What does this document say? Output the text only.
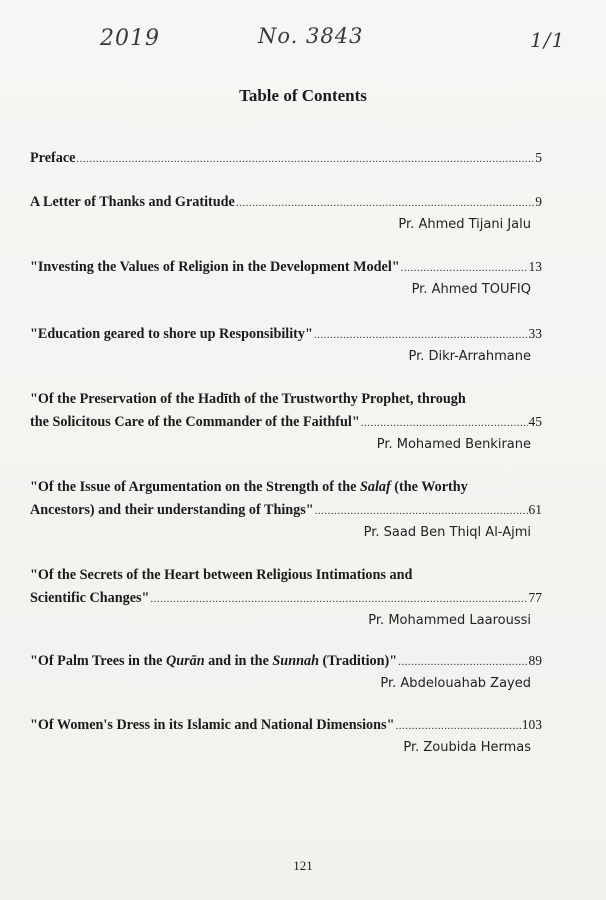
2019	No. 3843	1/1
Table of Contents
Preface .....	5
A Letter of Thanks and Gratitude .....	9
Pr. Ahmed Tijani Jalu
"Investing the Values of Religion in the Development Model" .....	13
Pr. Ahmed TOUFIQ
"Education geared to shore up Responsibility" .....	33
Pr. Dikr-Arrahmane
"Of the Preservation of the Hadīth of the Trustworthy Prophet, through
the Solicitous Care of the Commander of the Faithful" .....	45
Pr. Mohamed Benkirane
"Of the Issue of Argumentation on the Strength of the Salaf (the Worthy
Ancestors) and their understanding of Things" .....	61
Pr. Saad Ben Thiql Al-Ajmi
"Of the Secrets of the Heart between Religious Intimations and
Scientific Changes" .....	77
Pr. Mohammed Laaroussi
"Of Palm Trees in the Qurān and in the Sunnah (Tradition)" .....	89
Pr. Abdelouahab Zayed
"Of Women's Dress in its Islamic and National Dimensions" .....	103
Pr. Zoubida Hermas
121
